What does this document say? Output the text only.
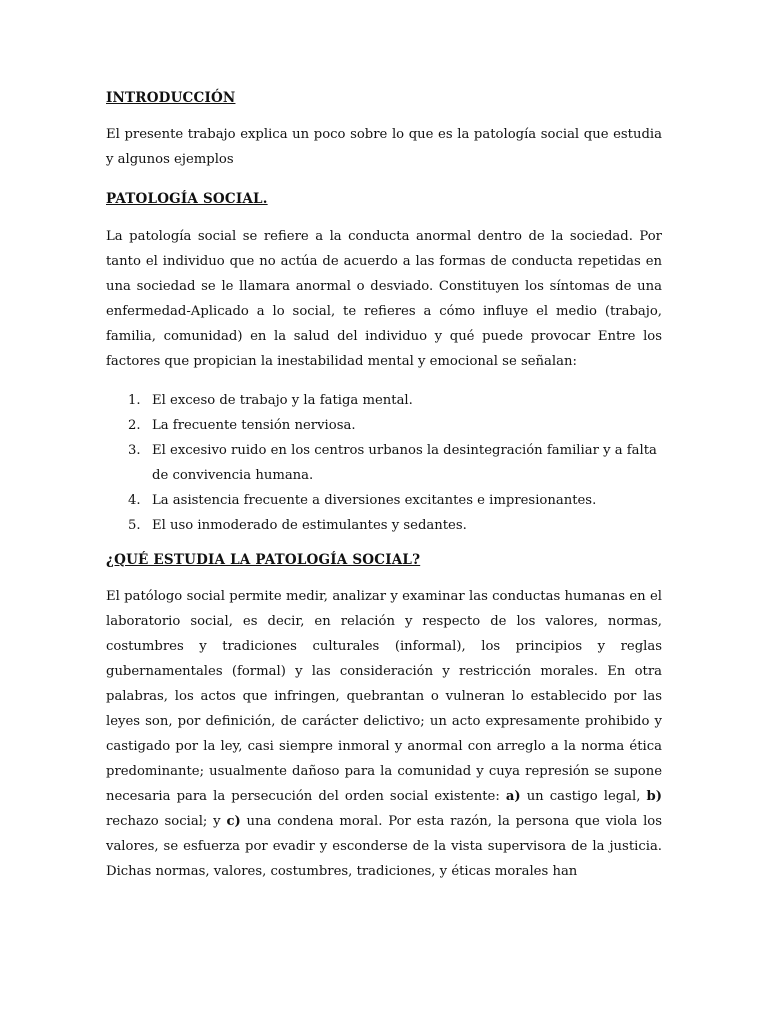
INTRODUCCIÓN

El presente trabajo explica un poco sobre lo que es la patología social que estudia y algunos ejemplos

PATOLOGÍA SOCIAL.

La patología social se refiere a la conducta anormal dentro de la sociedad. Por tanto el individuo que no actúa de acuerdo a las formas de conducta repetidas en una sociedad se le llamara anormal o desviado. Constituyen los síntomas de una enfermedad-Aplicado a lo social, te refieres a cómo influye el medio (trabajo, familia, comunidad) en la salud del individuo y qué puede provocar Entre los factores que propician la inestabilidad mental y emocional se señalan:

1. El exceso de trabajo y la fatiga mental.
2. La frecuente tensión nerviosa.
3. El excesivo ruido en los centros urbanos la desintegración familiar y a falta de convivencia humana.
4. La asistencia frecuente a diversiones excitantes e impresionantes.
5. El uso inmoderado de estimulantes y sedantes.

¿QUÉ ESTUDIA LA PATOLOGÍA SOCIAL?

El patólogo social permite medir, analizar y examinar las conductas humanas en el laboratorio social, es decir, en relación y respecto de los valores, normas, costumbres y tradiciones culturales (informal), los principios y reglas gubernamentales (formal) y las consideración y restricción morales. En otra palabras, los actos que infringen, quebrantan o vulneran lo establecido por las leyes son, por definición, de carácter delictivo; un acto expresamente prohibido y castigado por la ley, casi siempre inmoral y anormal con arreglo a la norma ética predominante; usualmente dañoso para la comunidad y cuya represión se supone necesaria para la persecución del orden social existente: a) un castigo legal, b) rechazo social; y c) una condena moral. Por esta razón, la persona que viola los valores, se esfuerza por evadir y esconderse de la vista supervisora de la justicia. Dichas normas, valores, costumbres, tradiciones, y éticas morales han
